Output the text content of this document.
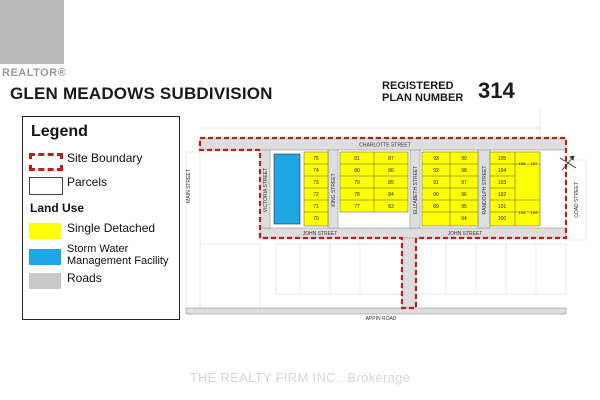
REALTOR®
GLEN MEADOWS SUBDIVISION	REGISTERED
PLAN NUMBER 314
Legend
Site Boundary
Parcels
Land Use
Single Detached
Storm Water
Management Facility
Roads
75
74
73
72
71
70
81
80
79
78
77
87
86
85
84
83
93
92
91
90
89
99
98
97
96
95
94
105
104
103
102
101
100
106 107
108 109
CHARLOTTE STREET
JOHN STREET	JOHN STREET
APPIN ROAD
VICTORIA STREET	KING STREET	ELIZABETH STREET	RANDOLPH STREET
MAIN STREET	COAD STREET
THE REALTY FIRM INC., Brokerage
